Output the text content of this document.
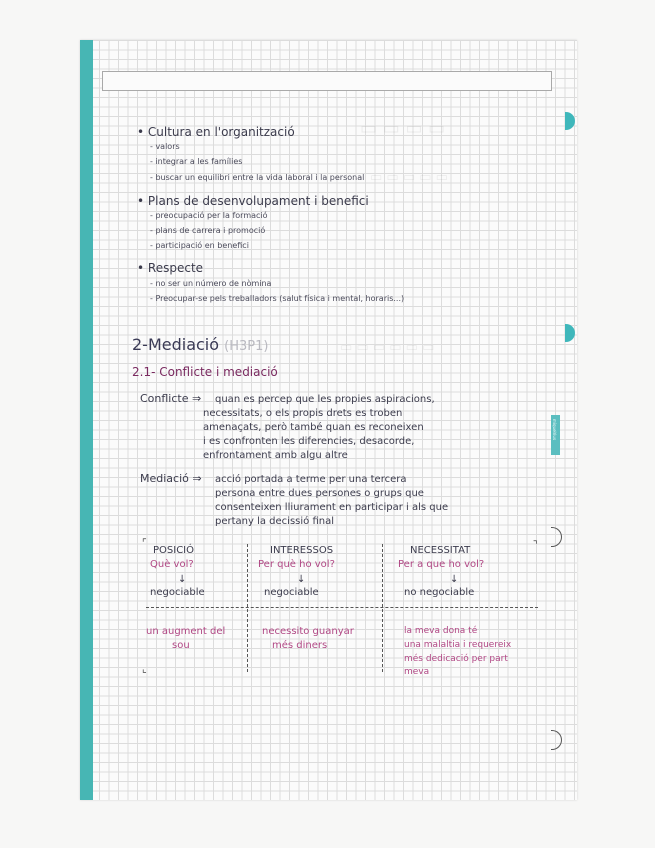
miquelrius
▭ ▭ ▭ ▭
▭ ▭ ▭ ▭ ▭
▭ ▭ ▭ ▭ ▭ ▭
• Cultura en l'organització
- valors
- integrar a les famílies
- buscar un equilibri entre la vida laboral i la personal
• Plans de desenvolupament i benefici
- preocupació per la formació
- plans de carrera i promoció
- participació en benefici
• Respecte
- no ser un número de nòmina
- Preocupar-se pels treballadors (salut física i mental, horaris...)
2-Mediació (H3P1)
2.1- Conflicte i mediació
Conflicte ⇒ quan es percep que les propies aspiracions,
necessitats, o els propis drets es troben
amenaçats, però també quan es reconeixen
i es confronten les diferencies, desacorde,
enfrontament amb algu altre
Mediació ⇒ acció portada a terme per una tercera
persona entre dues persones o grups que
consenteixen lliurament en participar i als que
pertany la decissió final
⌜	⌝
⌞
POSICIÓ
Què vol?
↓
negociable
un augment del
sou
INTERESSOS
Per què ho vol?
↓
negociable
necessito guanyar
més diners
NECESSITAT
Per a que ho vol?
↓
no negociable
la meva dona té
una malaltia i requereix
més dedicació per part
meva
